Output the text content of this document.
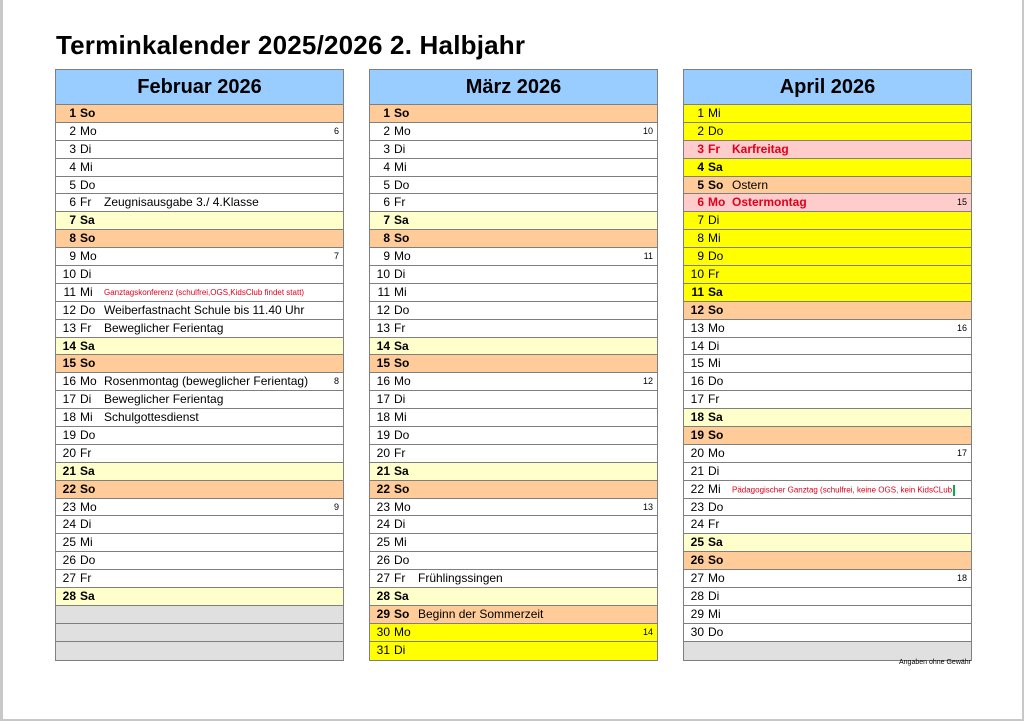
Terminkalender 2025/2026 2. Halbjahr
Februar 2026
1 So
2 Mo	6
3 Di
4 Mi
5 Do
6 Fr Zeugnisausgabe 3./ 4.Klasse
7 Sa
8 So
9 Mo	7
10 Di
11 Mi Ganztagskonferenz (schulfrei,OGS,KidsClub findet statt)
12 Do Weiberfastnacht Schule bis 11.40 Uhr
13 Fr Beweglicher Ferientag
14 Sa
15 So
16 Mo Rosenmontag (beweglicher Ferientag)	8
17 Di Beweglicher Ferientag
18 Mi Schulgottesdienst
19 Do
20 Fr
21 Sa
22 So
23 Mo	9
24 Di
25 Mi
26 Do
27 Fr
28 Sa
März 2026
1 So
2 Mo	10
3 Di
4 Mi
5 Do
6 Fr
7 Sa
8 So
9 Mo	11
10 Di
11 Mi
12 Do
13 Fr
14 Sa
15 So
16 Mo	12
17 Di
18 Mi
19 Do
20 Fr
21 Sa
22 So
23 Mo	13
24 Di
25 Mi
26 Do
27 Fr Frühlingssingen
28 Sa
29 So Beginn der Sommerzeit
30 Mo	14
31 Di
April 2026
1 Mi
2 Do
3 Fr Karfreitag
4 Sa
5 So Ostern
6 Mo Ostermontag	15
7 Di
8 Mi
9 Do
10 Fr
11 Sa
12 So
13 Mo	16
14 Di
15 Mi
16 Do
17 Fr
18 Sa
19 So
20 Mo	17
21 Di
22 Mi Pädagogischer Ganztag (schulfrei, keine OGS, kein KidsCLub
23 Do
24 Fr
25 Sa
26 So
27 Mo	18
28 Di
29 Mi
30 Do
Angaben ohne Gewähr
